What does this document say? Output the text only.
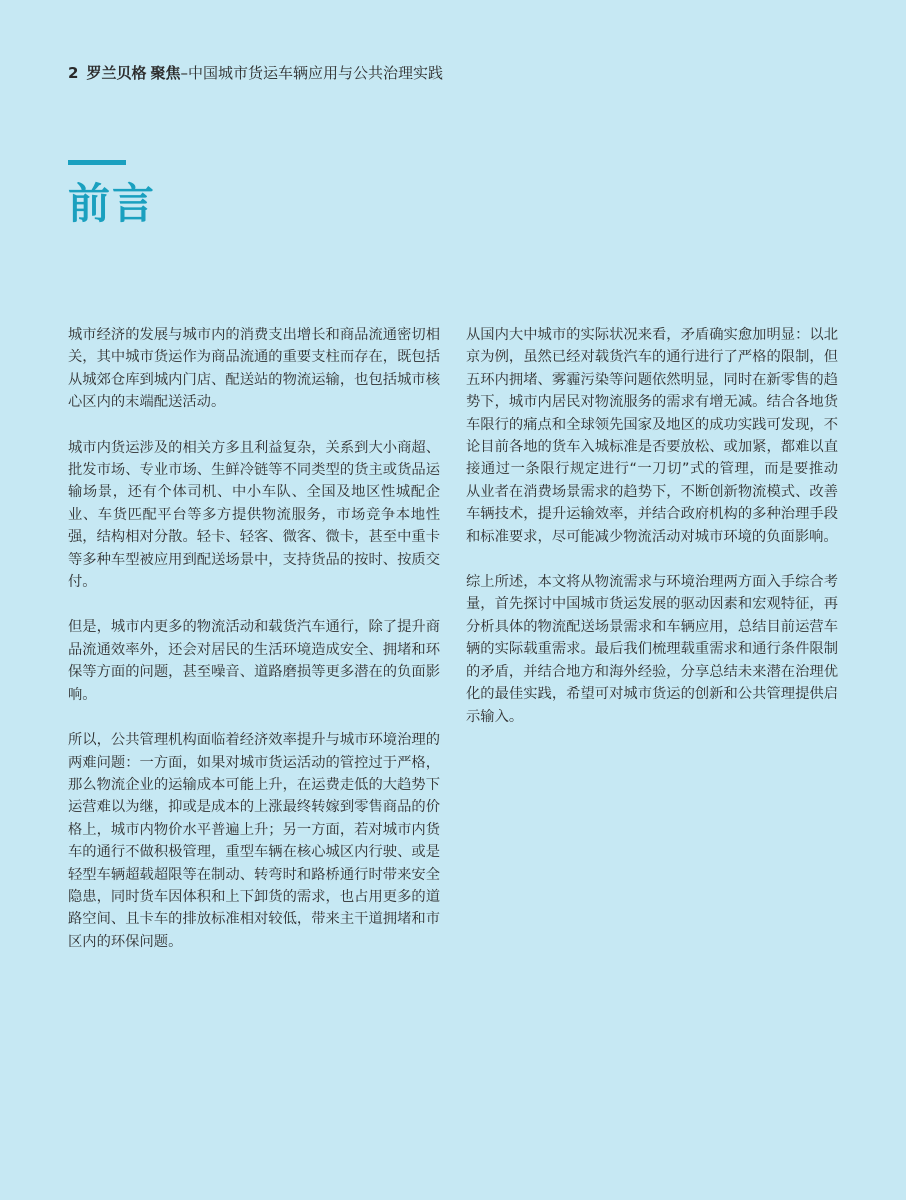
2 罗兰贝格 聚焦–中国城市货运车辆应用与公共治理实践
前言

城市经济的发展与城市内的消费支出增长和商品流通密切相关，其中城市货运作为商品流通的重要支柱而存在，既包括从城郊仓库到城内门店、配送站的物流运输，也包括城市核心区内的末端配送活动。

城市内货运涉及的相关方多且利益复杂，关系到大小商超、批发市场、专业市场、生鲜冷链等不同类型的货主或货品运输场景，还有个体司机、中小车队、全国及地区性城配企业、车货匹配平台等多方提供物流服务，市场竞争本地性强，结构相对分散。轻卡、轻客、微客、微卡，甚至中重卡等多种车型被应用到配送场景中，支持货品的按时、按质交付。

但是，城市内更多的物流活动和载货汽车通行，除了提升商品流通效率外，还会对居民的生活环境造成安全、拥堵和环保等方面的问题，甚至噪音、道路磨损等更多潜在的负面影响。

所以，公共管理机构面临着经济效率提升与城市环境治理的两难问题：一方面，如果对城市货运活动的管控过于严格，那么物流企业的运输成本可能上升，在运费走低的大趋势下运营难以为继，抑或是成本的上涨最终转嫁到零售商品的价格上，城市内物价水平普遍上升；另一方面，若对城市内货车的通行不做积极管理，重型车辆在核心城区内行驶、或是轻型车辆超载超限等在制动、转弯时和路桥通行时带来安全隐患，同时货车因体积和上下卸货的需求，也占用更多的道路空间、且卡车的排放标准相对较低，带来主干道拥堵和市区内的环保问题。

从国内大中城市的实际状况来看，矛盾确实愈加明显：以北京为例，虽然已经对载货汽车的通行进行了严格的限制，但五环内拥堵、雾霾污染等问题依然明显，同时在新零售的趋势下，城市内居民对物流服务的需求有增无减。结合各地货车限行的痛点和全球领先国家及地区的成功实践可发现，不论目前各地的货车入城标准是否要放松、或加紧，都难以直接通过一条限行规定进行“一刀切”式的管理，而是要推动从业者在消费场景需求的趋势下，不断创新物流模式、改善车辆技术，提升运输效率，并结合政府机构的多种治理手段和标准要求，尽可能减少物流活动对城市环境的负面影响。

综上所述，本文将从物流需求与环境治理两方面入手综合考量，首先探讨中国城市货运发展的驱动因素和宏观特征，再分析具体的物流配送场景需求和车辆应用，总结目前运营车辆的实际载重需求。最后我们梳理载重需求和通行条件限制的矛盾，并结合地方和海外经验，分享总结未来潜在治理优化的最佳实践，希望可对城市货运的创新和公共管理提供启示输入。
